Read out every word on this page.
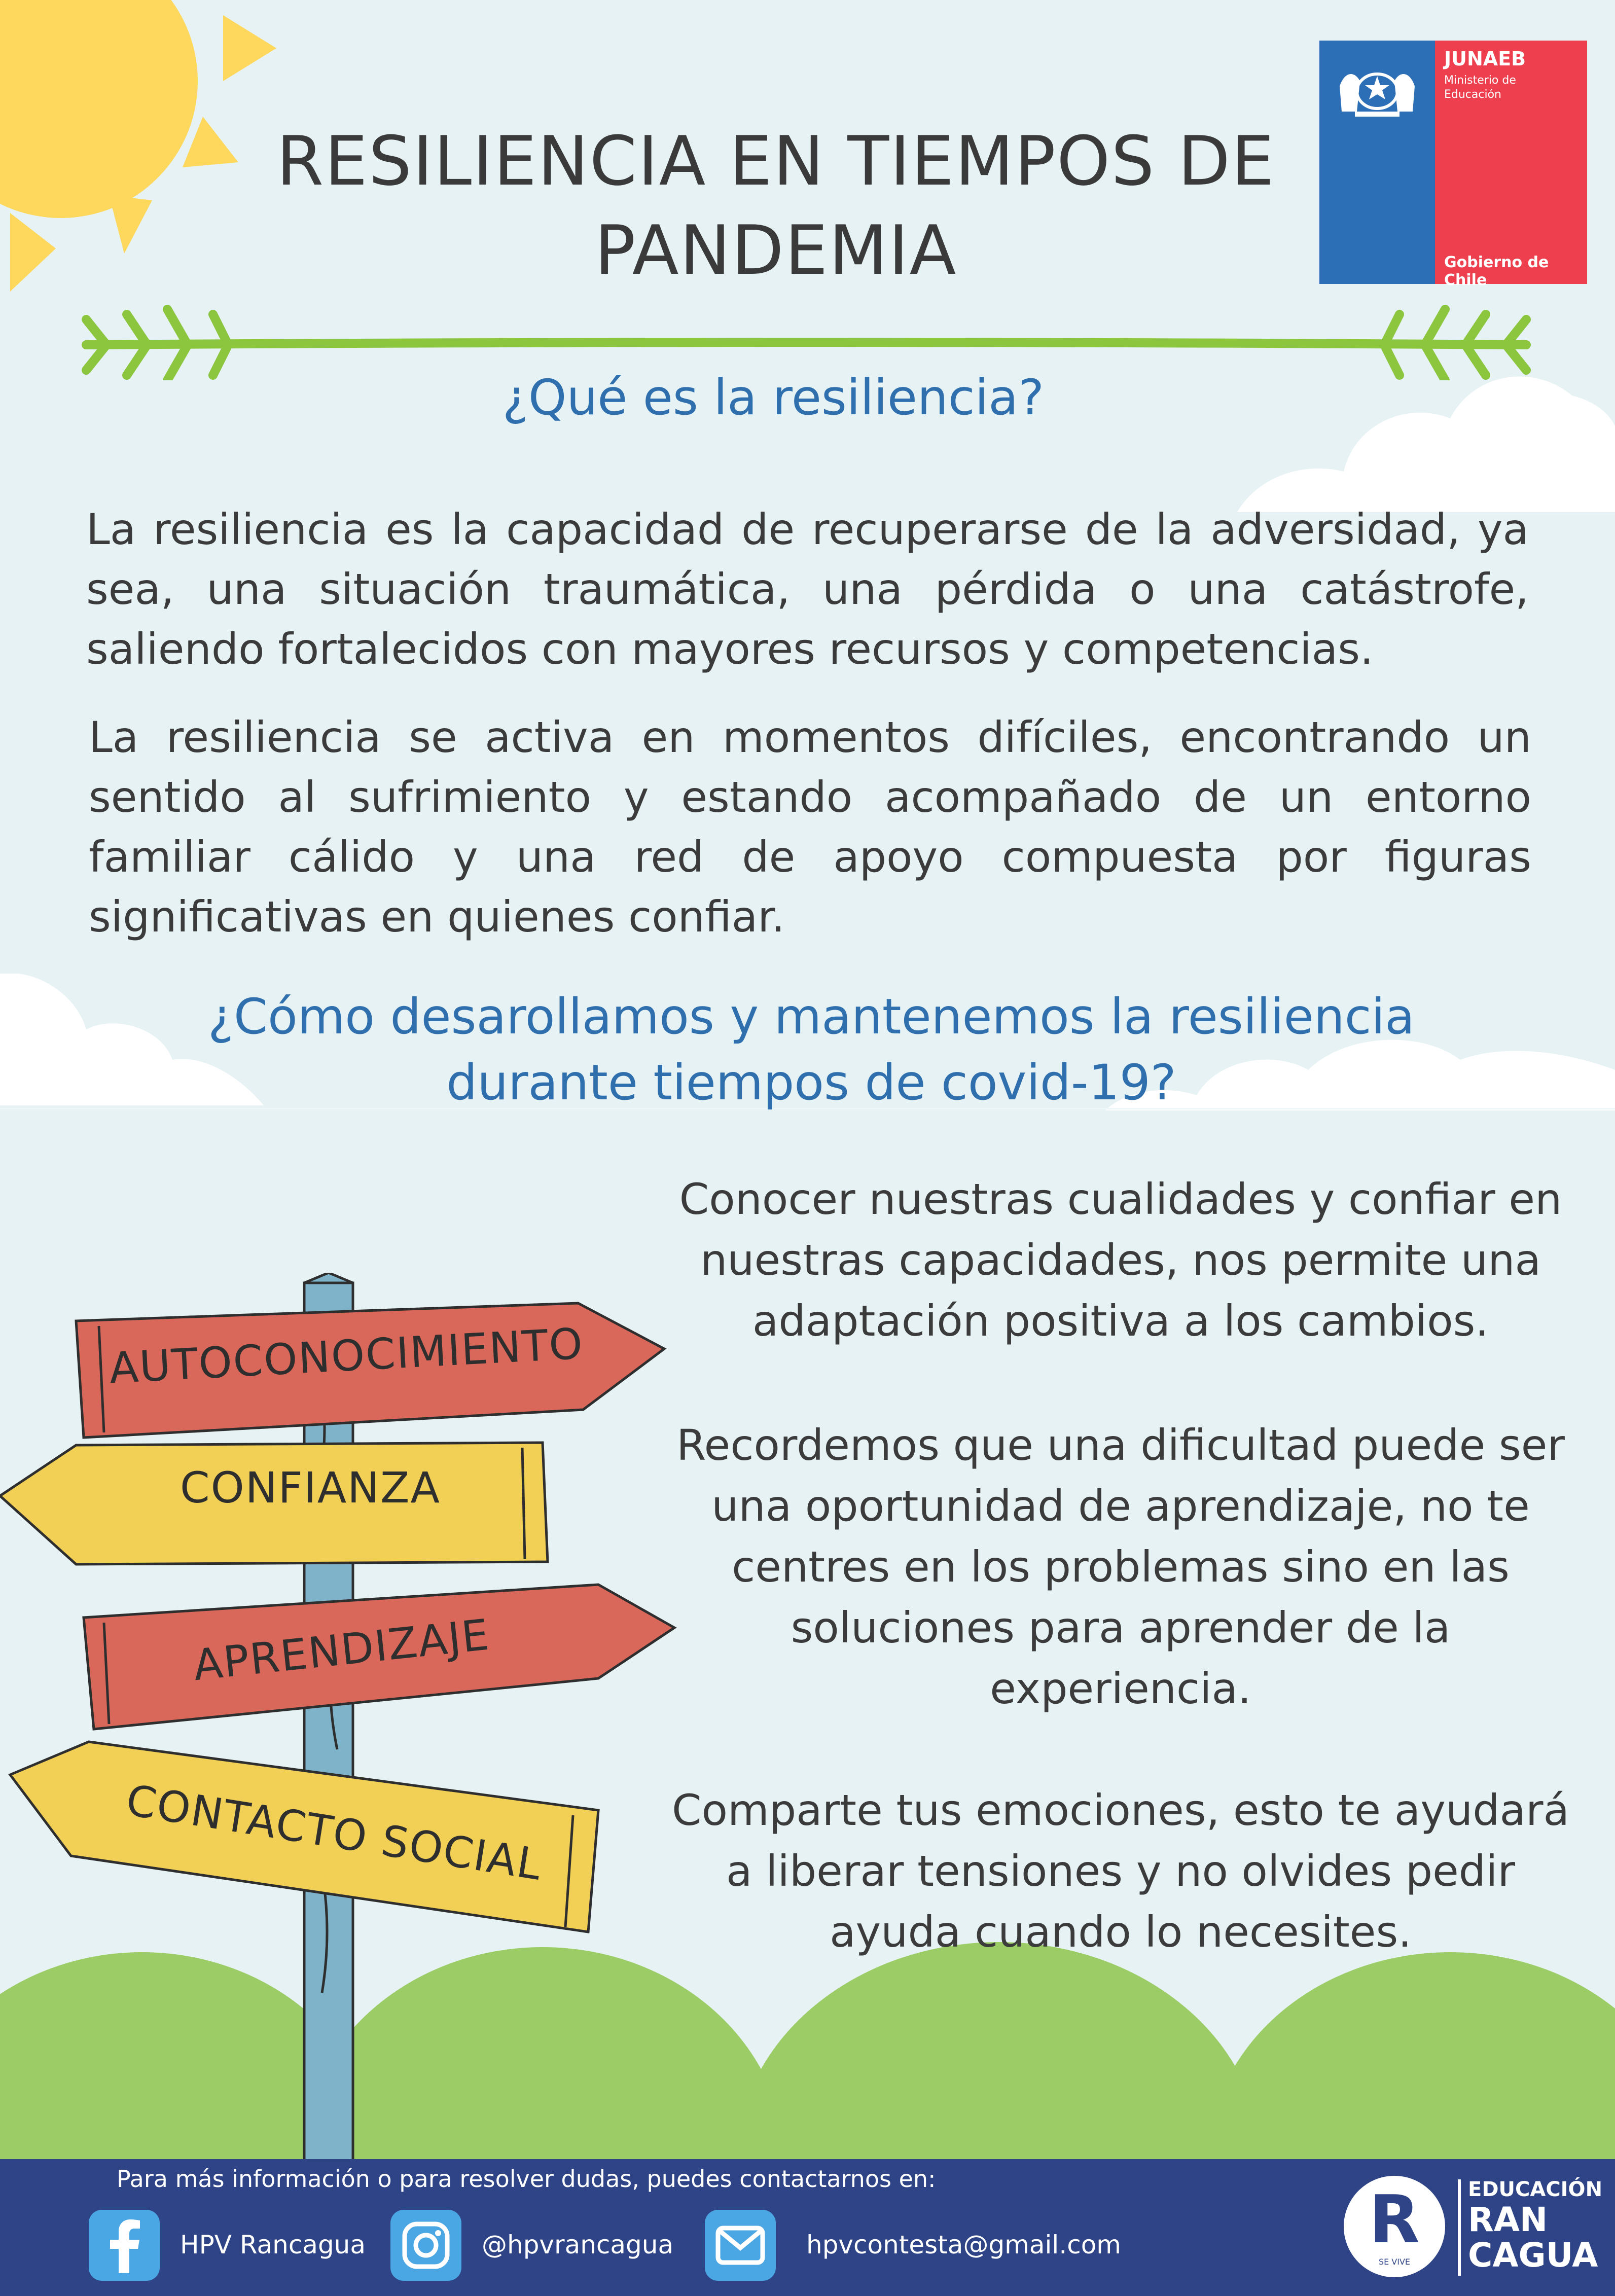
RESILIENCIA EN TIEMPOS DE
PANDEMIA
JUNAEB
Ministerio de
Educación
Gobierno de Chile
¿Qué es la resiliencia?
La resiliencia es la capacidad de recuperarse de la adversidad, ya sea, una situación traumática, una pérdida o una catástrofe, saliendo fortalecidos con mayores recursos y competencias.
La resiliencia se activa en momentos difíciles, encontrando un sentido al sufrimiento y estando acompañado de un entorno familiar cálido y una red de apoyo compuesta por figuras significativas en quienes confiar.
¿Cómo desarollamos y mantenemos la resiliencia
durante tiempos de covid-19?
AUTOCONOCIMIENTO
CONFIANZA
APRENDIZAJE
CONTACTO SOCIAL
Conocer nuestras cualidades y confiar en nuestras capacidades, nos permite una adaptación positiva a los cambios.
Recordemos que una dificultad puede ser una oportunidad de aprendizaje, no te centres en los problemas sino en las soluciones para aprender de la experiencia.
Comparte tus emociones, esto te ayudará a liberar tensiones y no olvides pedir ayuda cuando lo necesites.
Para más información o para resolver dudas, puedes contactarnos en:
HPV Rancagua	@hpvrancagua	hpvcontesta@gmail.com	R
SE VIVE
EDUCACIÓN
RAN
CAGUA
